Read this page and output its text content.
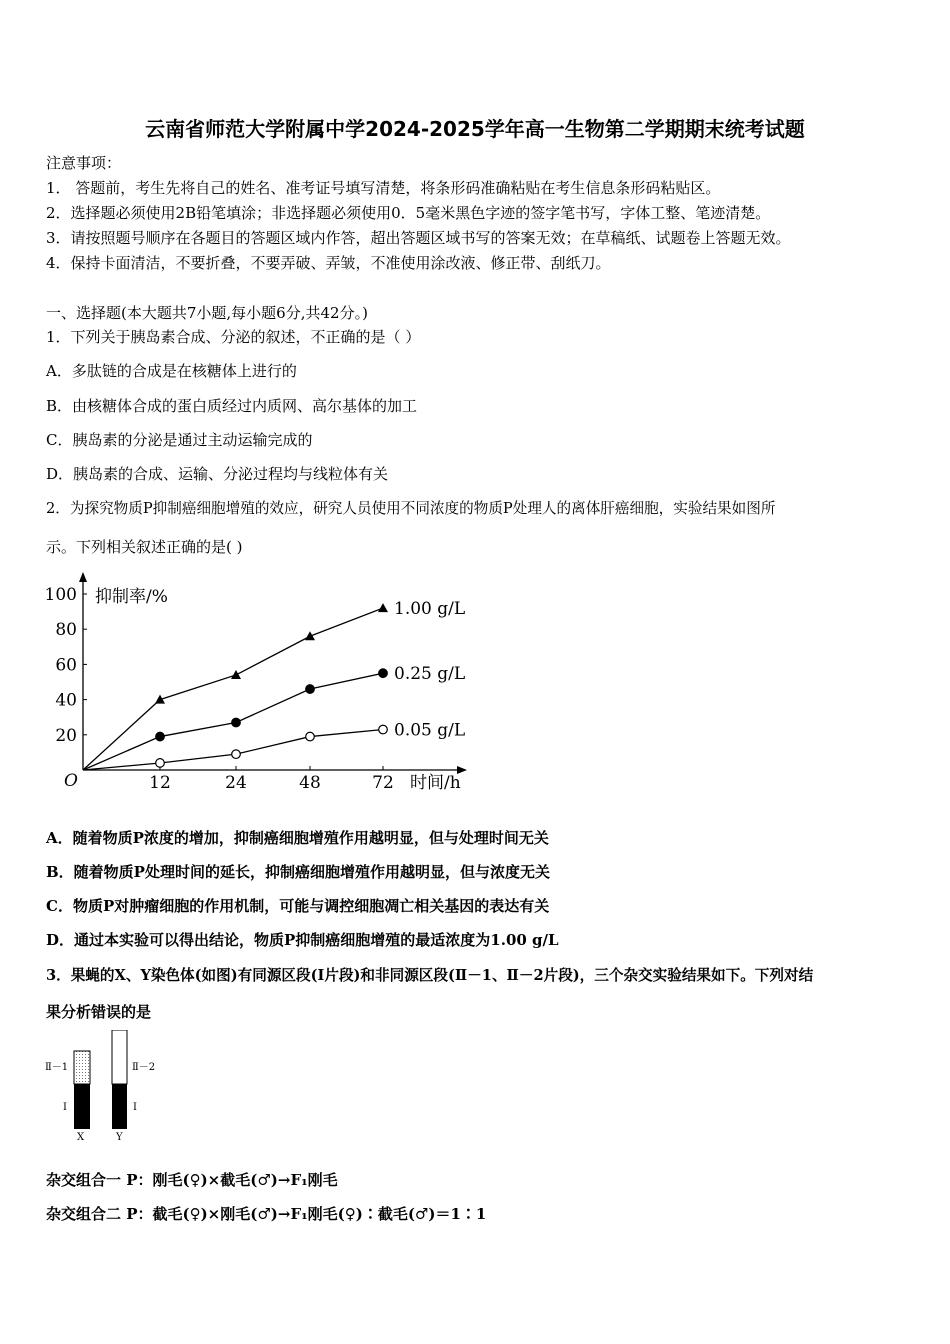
云南省师范大学附属中学2024-2025学年高一生物第二学期期末统考试题
注意事项：
1． 答题前，考生先将自己的姓名、准考证号填写清楚，将条形码准确粘贴在考生信息条形码粘贴区。
2．选择题必须使用2B铅笔填涂；非选择题必须使用0．5毫米黑色字迹的签字笔书写，字体工整、笔迹清楚。
3．请按照题号顺序在各题目的答题区域内作答，超出答题区域书写的答案无效；在草稿纸、试题卷上答题无效。
4．保持卡面清洁，不要折叠，不要弄破、弄皱，不准使用涂改液、修正带、刮纸刀。
一、选择题(本大题共7小题,每小题6分,共42分。)
1．下列关于胰岛素合成、分泌的叙述，不正确的是（ ）
A．多肽链的合成是在核糖体上进行的
B．由核糖体合成的蛋白质经过内质网、高尔基体的加工
C．胰岛素的分泌是通过主动运输完成的
D．胰岛素的合成、运输、分泌过程均与线粒体有关
2．为探究物质P抑制癌细胞增殖的效应，研究人员使用不同浓度的物质P处理人的离体肝癌细胞，实验结果如图所
示。下列相关叙述正确的是( )
20
40
60
80
100
12	24	48	72
抑制率/%
时间/h
O
1.00 g/L
0.25 g/L
0.05 g/L
A．随着物质P浓度的增加，抑制癌细胞增殖作用越明显，但与处理时间无关
B．随着物质P处理时间的延长，抑制癌细胞增殖作用越明显，但与浓度无关
C．物质P对肿瘤细胞的作用机制，可能与调控细胞凋亡相关基因的表达有关
D．通过本实验可以得出结论，物质P抑制癌细胞增殖的最适浓度为1.00 g/L
3．果蝇的X、Y染色体(如图)有同源区段(Ⅰ片段)和非同源区段(Ⅱ－1、Ⅱ－2片段)，三个杂交实验结果如下。下列对结
果分析错误的是
Ⅱ－1	Ⅱ－2
Ⅰ	Ⅰ
X	Y
杂交组合一 P：刚毛(♀)×截毛(♂)→F₁刚毛
杂交组合二 P：截毛(♀)×刚毛(♂)→F₁刚毛(♀)∶截毛(♂)＝1∶1
